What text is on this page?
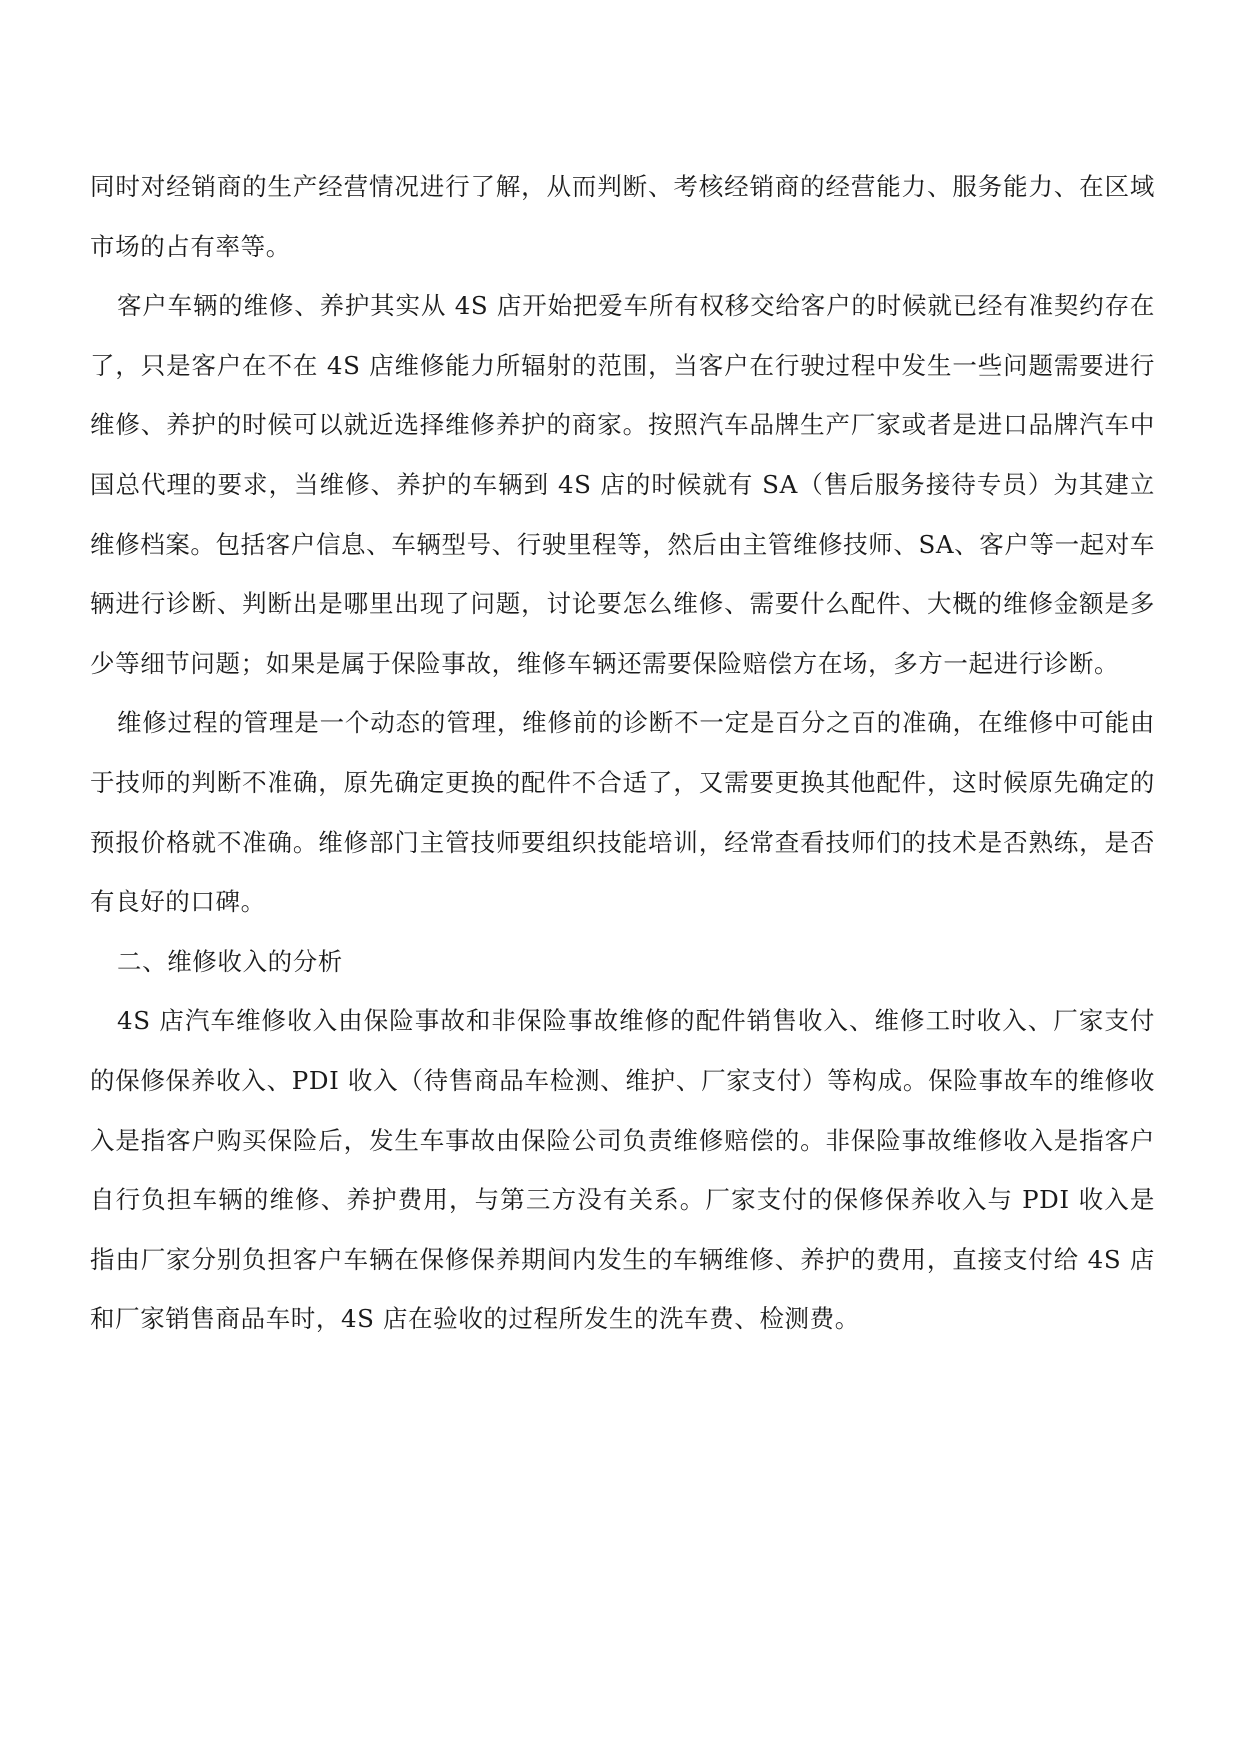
同时对经销商的生产经营情况进行了解，从而判断、考核经销商的经营能力、服务能力、在区域市场的占有率等。

客户车辆的维修、养护其实从 4S 店开始把爱车所有权移交给客户的时候就已经有准契约存在了，只是客户在不在 4S 店维修能力所辐射的范围，当客户在行驶过程中发生一些问题需要进行维修、养护的时候可以就近选择维修养护的商家。按照汽车品牌生产厂家或者是进口品牌汽车中国总代理的要求，当维修、养护的车辆到 4S 店的时候就有 SA（售后服务接待专员）为其建立维修档案。包括客户信息、车辆型号、行驶里程等，然后由主管维修技师、SA、客户等一起对车辆进行诊断、判断出是哪里出现了问题，讨论要怎么维修、需要什么配件、大概的维修金额是多少等细节问题；如果是属于保险事故，维修车辆还需要保险赔偿方在场，多方一起进行诊断。

维修过程的管理是一个动态的管理，维修前的诊断不一定是百分之百的准确，在维修中可能由于技师的判断不准确，原先确定更换的配件不合适了，又需要更换其他配件，这时候原先确定的预报价格就不准确。维修部门主管技师要组织技能培训，经常查看技师们的技术是否熟练，是否有良好的口碑。

二、维修收入的分析

4S 店汽车维修收入由保险事故和非保险事故维修的配件销售收入、维修工时收入、厂家支付的保修保养收入、PDI 收入（待售商品车检测、维护、厂家支付）等构成。保险事故车的维修收入是指客户购买保险后，发生车事故由保险公司负责维修赔偿的。非保险事故维修收入是指客户自行负担车辆的维修、养护费用，与第三方没有关系。厂家支付的保修保养收入与 PDI 收入是指由厂家分别负担客户车辆在保修保养期间内发生的车辆维修、养护的费用，直接支付给 4S 店和厂家销售商品车时，4S 店在验收的过程所发生的洗车费、检测费。
